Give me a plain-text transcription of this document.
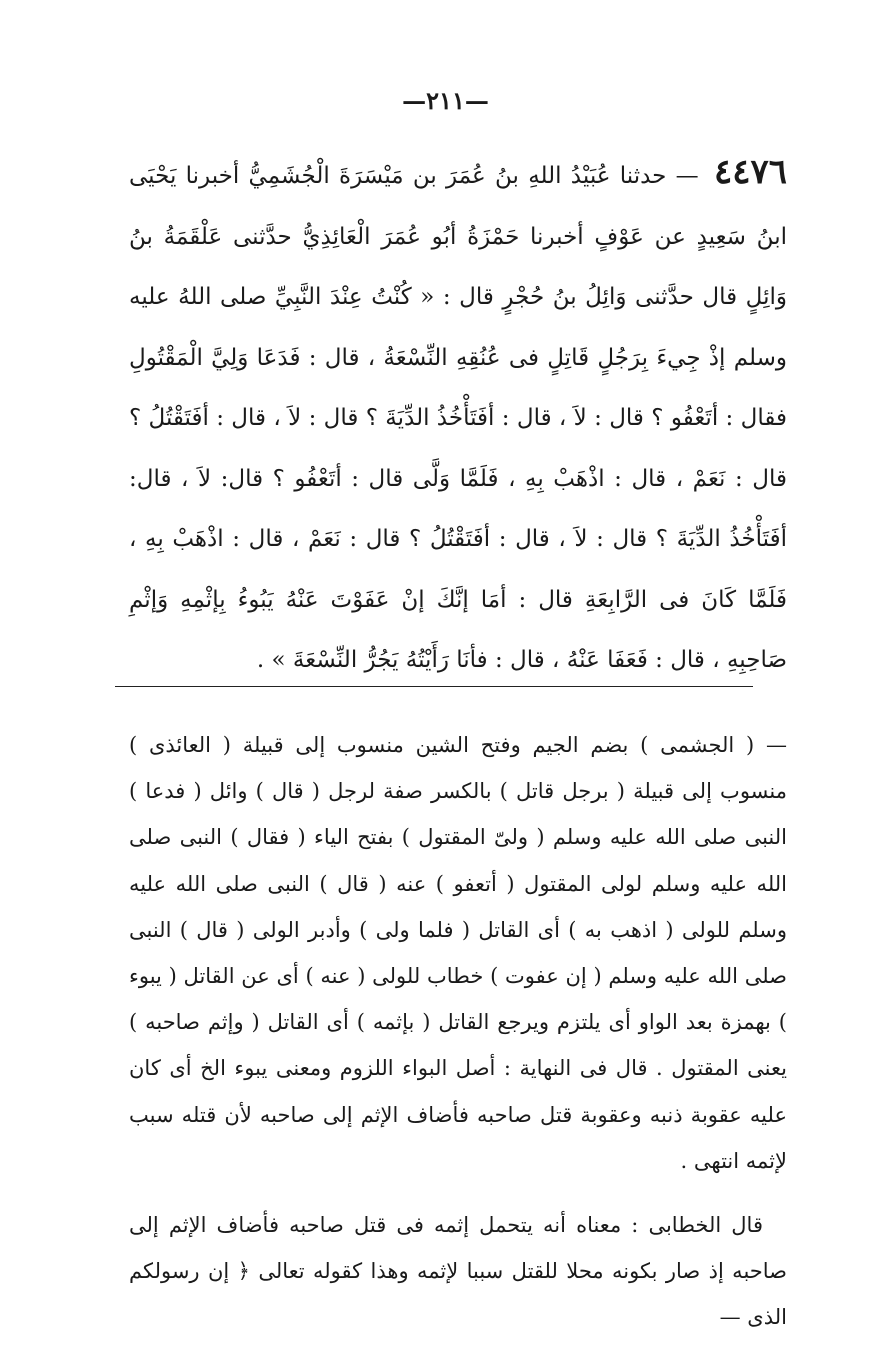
—٢١١—
٤٤٧٦ — حدثنا عُبَيْدُ اللهِ بنُ عُمَرَ بن مَيْسَرَةَ الْجُشَمِيُّ أخبرنا يَحْيَى ابنُ سَعِيدٍ عن عَوْفٍ أخبرنا حَمْزَةُ أبُو عُمَرَ الْعَائِذِيُّ حدَّثنى عَلْقَمَةُ بنُ وَائِلٍ قال حدَّثنى وَائِلُ بنُ حُجْرٍ قال : « كُنْتُ عِنْدَ النَّبِيِّ صلى اللهُ عليه وسلم إذْ جِيءَ بِرَجُلٍ قَاتِلٍ فى عُنُقِهِ النِّسْعَةُ ، قال : فَدَعَا وَلِيَّ الْمَقْتُولِ فقال : أتَعْفُو ؟ قال : لاَ ، قال : أفَتَأْخُذُ الدِّيَةَ ؟ قال : لاَ ، قال : أفَتَقْتُلُ ؟ قال : نَعَمْ ، قال : اذْهَبْ بِهِ ، فَلَمَّا وَلَّى قال : أتَعْفُو ؟ قال: لاَ ، قال: أفَتَأْخُذُ الدِّيَةَ ؟ قال : لاَ ، قال : أفَتَقْتُلُ ؟ قال : نَعَمْ ، قال : اذْهَبْ بِهِ ، فَلَمَّا كَانَ فى الرَّابِعَةِ قال : أمَا إنَّكَ إنْ عَفَوْتَ عَنْهُ يَبُوءُ بِإثْمِهِ وَإثْمِ صَاحِبِهِ ، قال : فَعَفَا عَنْهُ ، قال : فأنَا رَأَيْتُهُ يَجُرُّ النِّسْعَةَ » .

— ( الجشمى ) بضم الجيم وفتح الشين منسوب إلى قبيلة ( العائذى ) منسوب إلى قبيلة ( برجل قاتل ) بالكسر صفة لرجل ( قال ) وائل ( فدعا ) النبى صلى الله عليه وسلم ( ولىّ المقتول ) بفتح الياء ( فقال ) النبى صلى الله عليه وسلم لولى المقتول ( أتعفو ) عنه ( قال ) النبى صلى الله عليه وسلم للولى ( اذهب به ) أى القاتل ( فلما ولى ) وأدبر الولى ( قال ) النبى صلى الله عليه وسلم ( إن عفوت ) خطاب للولى ( عنه ) أى عن القاتل ( يبوء ) بهمزة بعد الواو أى يلتزم ويرجع القاتل ( بإثمه ) أى القاتل ( وإثم صاحبه ) يعنى المقتول . قال فى النهاية : أصل البواء اللزوم ومعنى يبوء الخ أى كان عليه عقوبة ذنبه وعقوبة قتل صاحبه فأضاف الإثم إلى صاحبه لأن قتله سبب لإثمه انتهى .

قال الخطابى : معناه أنه يتحمل إثمه فى قتل صاحبه فأضاف الإثم إلى صاحبه إذ صار بكونه محلا للقتل سببا لإثمه وهذا كقوله تعالى ﴿ إن رسولكم الذى —
